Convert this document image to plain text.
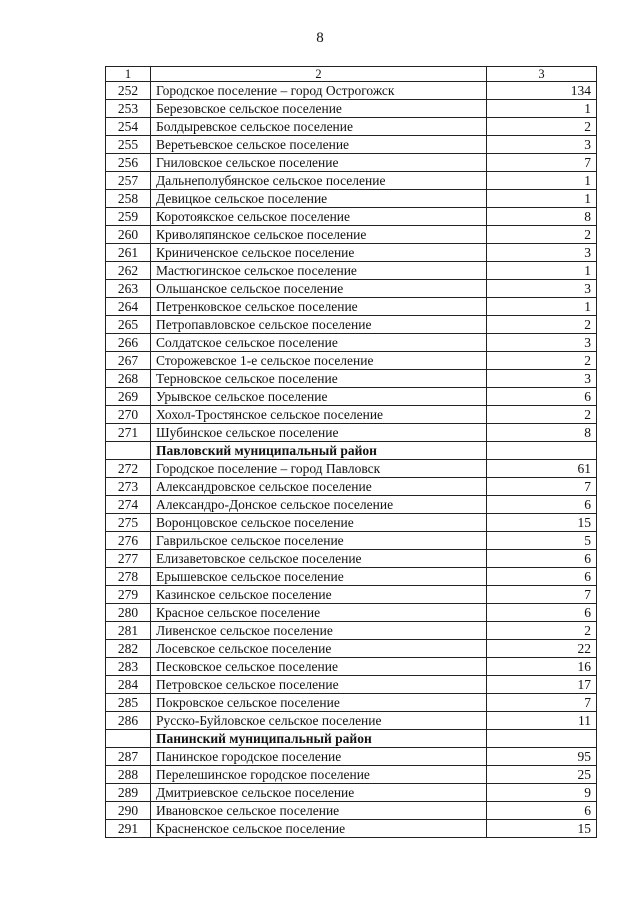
8
1	2	3
252	Городское поселение – город Острогожск	134
253	Березовское сельское поселение	1
254	Болдыревское сельское поселение	2
255	Веретьевское сельское поселение	3
256	Гниловское сельское поселение	7
257	Дальнеполубянское сельское поселение	1
258	Девицкое сельское поселение	1
259	Коротоякское сельское поселение	8
260	Криволяпянское сельское поселение	2
261	Криниченское сельское поселение	3
262	Мастюгинское сельское поселение	1
263	Ольшанское сельское поселение	3
264	Петренковское сельское поселение	1
265	Петропавловское сельское поселение	2
266	Солдатское сельское поселение	3
267	Сторожевское 1-е сельское поселение	2
268	Терновское сельское поселение	3
269	Урывское сельское поселение	6
270	Хохол-Тростянское сельское поселение	2
271	Шубинское сельское поселение	8
	Павловский муниципальный район	
272	Городское поселение – город Павловск	61
273	Александровское сельское поселение	7
274	Александро-Донское сельское поселение	6
275	Воронцовское сельское поселение	15
276	Гаврильское сельское поселение	5
277	Елизаветовское сельское поселение	6
278	Ерышевское сельское поселение	6
279	Казинское сельское поселение	7
280	Красное сельское поселение	6
281	Ливенское сельское поселение	2
282	Лосевское сельское поселение	22
283	Песковское сельское поселение	16
284	Петровское сельское поселение	17
285	Покровское сельское поселение	7
286	Русско-Буйловское сельское поселение	11
	Панинский муниципальный район	
287	Панинское городское поселение	95
288	Перелешинское городское поселение	25
289	Дмитриевское сельское поселение	9
290	Ивановское сельское поселение	6
291	Красненское сельское поселение	15
